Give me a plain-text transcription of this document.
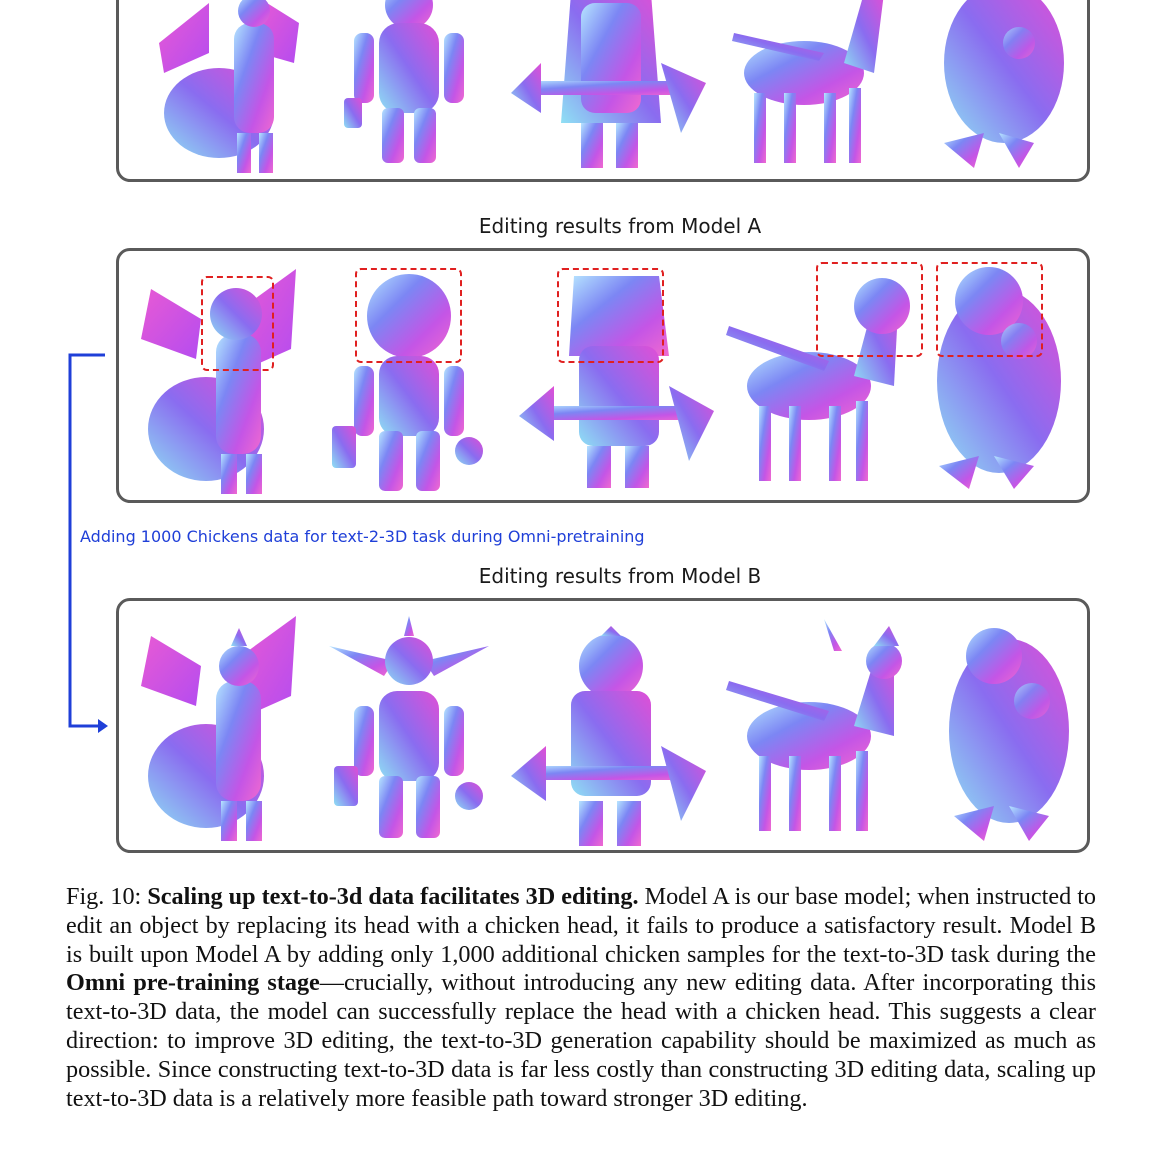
Editing results from Model A
Adding 1000 Chickens data for text-2-3D task during Omni-pretraining
Editing results from Model B
Fig. 10: Scaling up text-to-3d data facilitates 3D editing. Model A is our base model; when instructed to edit an object by replacing its head with a chicken head, it fails to produce a satisfactory result. Model B is built upon Model A by adding only 1,000 additional chicken samples for the text-to-3D task during the Omni pre-training stage—crucially, without introducing any new editing data. After incorporating this text-to-3D data, the model can successfully replace the head with a chicken head. This suggests a clear direction: to improve 3D editing, the text-to-3D generation capability should be maximized as much as possible. Since constructing text-to-3D data is far less costly than constructing 3D editing data, scaling up text-to-3D data is a relatively more feasible path toward stronger 3D editing.
